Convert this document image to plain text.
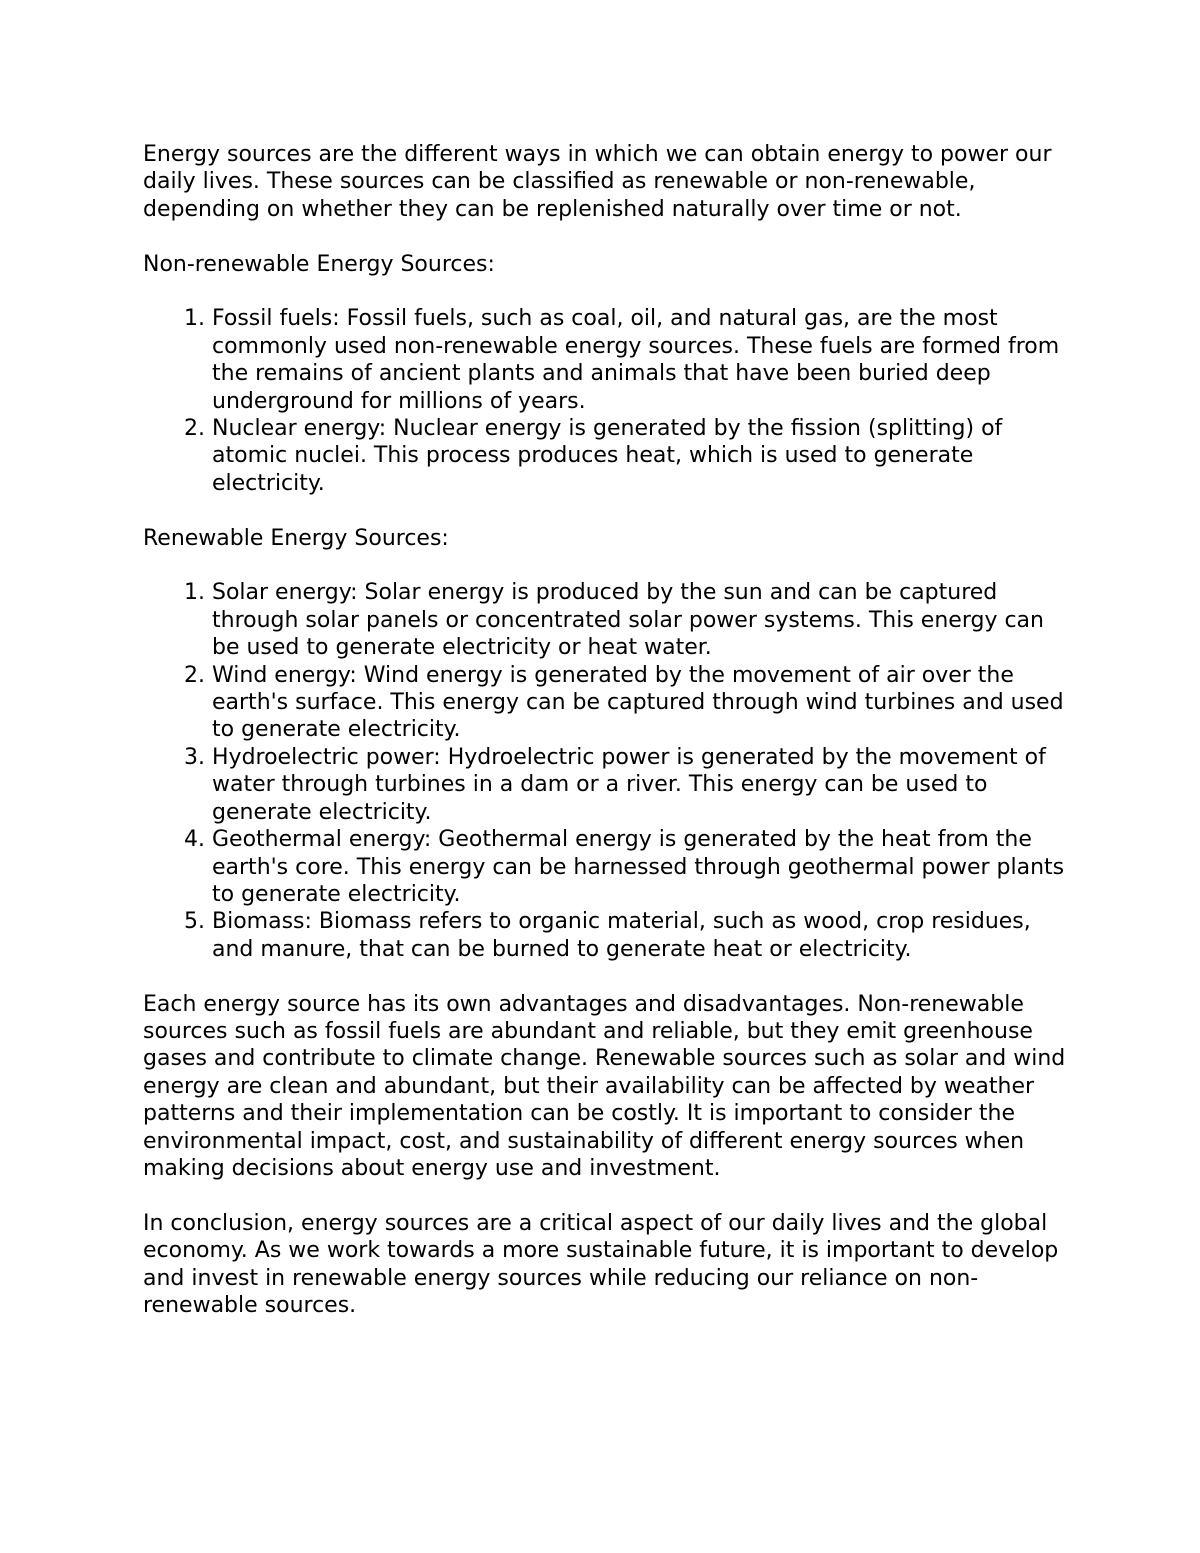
Energy sources are the different ways in which we can obtain energy to power our daily lives. These sources can be classified as renewable or non-renewable, depending on whether they can be replenished naturally over time or not.

Non-renewable Energy Sources:

1. Fossil fuels: Fossil fuels, such as coal, oil, and natural gas, are the most commonly used non-renewable energy sources. These fuels are formed from the remains of ancient plants and animals that have been buried deep underground for millions of years.
2. Nuclear energy: Nuclear energy is generated by the fission (splitting) of atomic nuclei. This process produces heat, which is used to generate electricity.

Renewable Energy Sources:

1. Solar energy: Solar energy is produced by the sun and can be captured through solar panels or concentrated solar power systems. This energy can be used to generate electricity or heat water.
2. Wind energy: Wind energy is generated by the movement of air over the earth's surface. This energy can be captured through wind turbines and used to generate electricity.
3. Hydroelectric power: Hydroelectric power is generated by the movement of water through turbines in a dam or a river. This energy can be used to generate electricity.
4. Geothermal energy: Geothermal energy is generated by the heat from the earth's core. This energy can be harnessed through geothermal power plants to generate electricity.
5. Biomass: Biomass refers to organic material, such as wood, crop residues, and manure, that can be burned to generate heat or electricity.

Each energy source has its own advantages and disadvantages. Non-renewable sources such as fossil fuels are abundant and reliable, but they emit greenhouse gases and contribute to climate change. Renewable sources such as solar and wind energy are clean and abundant, but their availability can be affected by weather patterns and their implementation can be costly. It is important to consider the environmental impact, cost, and sustainability of different energy sources when making decisions about energy use and investment.

In conclusion, energy sources are a critical aspect of our daily lives and the global economy. As we work towards a more sustainable future, it is important to develop and invest in renewable energy sources while reducing our reliance on non-renewable sources.
